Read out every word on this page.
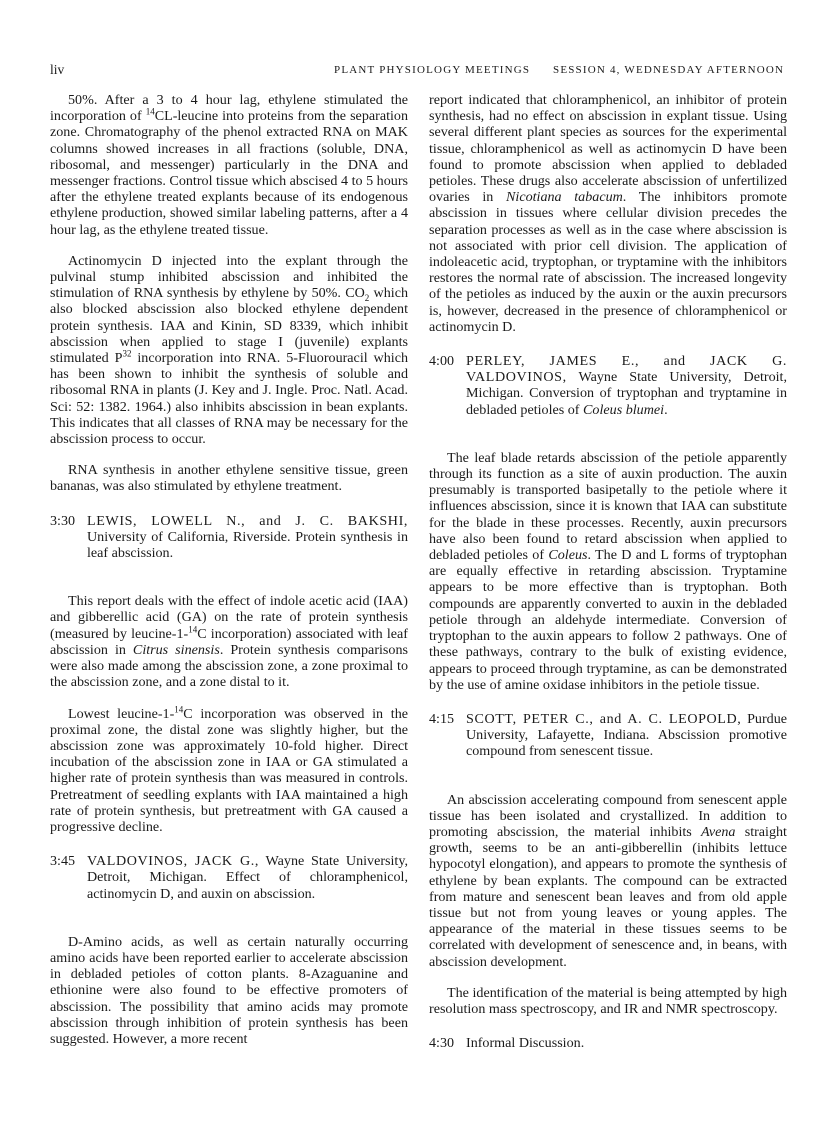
liv	PLANT PHYSIOLOGY MEETINGS SESSION 4, WEDNESDAY AFTERNOON
50%. After a 3 to 4 hour lag, ethylene stimulated the incorporation of $^{14}$CL-leucine into proteins from the separation zone. Chromatography of the phenol extracted RNA on MAK columns showed increases in all fractions (soluble, DNA, ribosomal, and messenger) particularly in the DNA and messenger fractions. Control tissue which abscised 4 to 5 hours after the ethylene treated explants because of its endogenous ethylene production, showed similar labeling patterns, after a 4 hour lag, as the ethylene treated tissue.
Actinomycin D injected into the explant through the pulvinal stump inhibited abscission and inhibited the stimulation of RNA synthesis by ethylene by 50%. $CO_2$ which also blocked abscission also blocked ethylene dependent protein synthesis. IAA and Kinin, SD 8339, which inhibit abscission when applied to stage I (juvenile) explants stimulated $P^{32}$ incorporation into RNA. 5-Fluorouracil which has been shown to inhibit the synthesis of soluble and ribosomal RNA in plants (J. Key and J. Ingle. Proc. Natl. Acad. Sci: 52: 1382. 1964.) also inhibits abscission in bean explants. This indicates that all classes of RNA may be necessary for the abscission process to occur.
RNA synthesis in another ethylene sensitive tissue, green bananas, was also stimulated by ethylene treatment.
3:30 LEWIS, LOWELL N., and J. C. BAKSHI, University of California, Riverside. Protein synthesis in leaf abscission.
This report deals with the effect of indole acetic acid (IAA) and gibberellic acid (GA) on the rate of protein synthesis (measured by leucine-1-$^{14}$C incorporation) associated with leaf abscission in Citrus sinensis. Protein synthesis comparisons were also made among the abscission zone, a zone proximal to the abscission zone, and a zone distal to it.
Lowest leucine-1-$^{14}$C incorporation was observed in the proximal zone, the distal zone was slightly higher, but the abscission zone was approximately 10-fold higher. Direct incubation of the abscission zone in IAA or GA stimulated a higher rate of protein synthesis than was measured in controls. Pretreatment of seedling explants with IAA maintained a high rate of protein synthesis, but pretreatment with GA caused a progressive decline.
3:45 VALDOVINOS, JACK G., Wayne State University, Detroit, Michigan. Effect of chloramphenicol, actinomycin D, and auxin on abscission.
D-Amino acids, as well as certain naturally occurring amino acids have been reported earlier to accelerate abscission in debladed petioles of cotton plants. 8-Azaguanine and ethionine were also found to be effective promoters of abscission. The possibility that amino acids may promote abscission through inhibition of protein synthesis has been suggested. However, a more recent
report indicated that chloramphenicol, an inhibitor of protein synthesis, had no effect on abscission in explant tissue. Using several different plant species as sources for the experimental tissue, chloramphenicol as well as actinomycin D have been found to promote abscission when applied to debladed petioles. These drugs also accelerate abscission of unfertilized ovaries in Nicotiana tabacum. The inhibitors promote abscission in tissues where cellular division precedes the separation processes as well as in the case where abscission is not associated with prior cell division. The application of indoleacetic acid, tryptophan, or tryptamine with the inhibitors restores the normal rate of abscission. The increased longevity of the petioles as induced by the auxin or the auxin precursors is, however, decreased in the presence of chloramphenicol or actinomycin D.
4:00 PERLEY, JAMES E., and JACK G. VALDOVINOS, Wayne State University, Detroit, Michigan. Conversion of tryptophan and tryptamine in debladed petioles of Coleus blumei.
The leaf blade retards abscission of the petiole apparently through its function as a site of auxin production. The auxin presumably is transported basipetally to the petiole where it influences abscission, since it is known that IAA can substitute for the blade in these processes. Recently, auxin precursors have also been found to retard abscission when applied to debladed petioles of Coleus. The D and L forms of tryptophan are equally effective in retarding abscission. Tryptamine appears to be more effective than is tryptophan. Both compounds are apparently converted to auxin in the debladed petiole through an aldehyde intermediate. Conversion of tryptophan to the auxin appears to follow 2 pathways. One of these pathways, contrary to the bulk of existing evidence, appears to proceed through tryptamine, as can be demonstrated by the use of amine oxidase inhibitors in the petiole tissue.
4:15 SCOTT, PETER C., and A. C. LEOPOLD, Purdue University, Lafayette, Indiana. Abscission promotive compound from senescent tissue.
An abscission accelerating compound from senescent apple tissue has been isolated and crystallized. In addition to promoting abscission, the material inhibits Avena straight growth, seems to be an anti-gibberellin (inhibits lettuce hypocotyl elongation), and appears to promote the synthesis of ethylene by bean explants. The compound can be extracted from mature and senescent bean leaves and from old apple tissue but not from young leaves or young apples. The appearance of the material in these tissues seems to be correlated with development of senescence and, in beans, with abscission development.
The identification of the material is being attempted by high resolution mass spectroscopy, and IR and NMR spectroscopy.
4:30 Informal Discussion.
